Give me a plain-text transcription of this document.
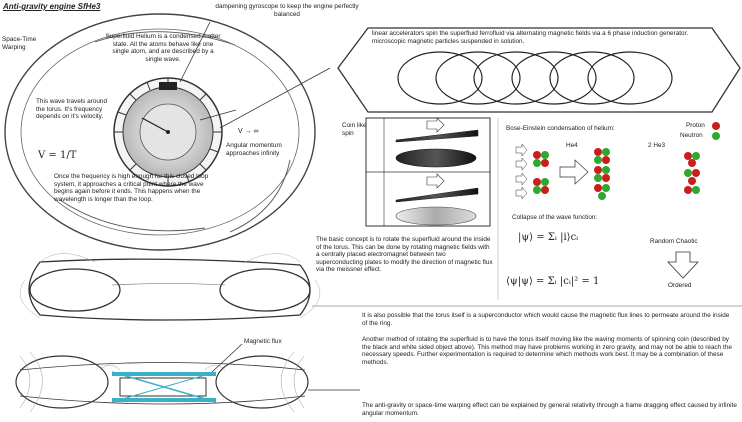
Anti-gravity engine SfHe3	dampening gyroscope to keep the engine perfectly balanced
Space-Time Warping
Superfluid Helium is a condensed matter state. All the atoms behave like one single atom, and are described by a single wave.
This wave travels around the torus. It's frequency depends on it's velocity.
V = 1/T
V → ∞
Angular momentum approaches infinity
Once the frequency is high enough for this closed loop system, it approaches a critical point where the wave begins again before it ends. This happens when the wavelength is longer than the loop.
linear accelerators spin the superfluid ferrofluid via alternating magnetic fields via a 6 phase induction generator. microscopic magnetic particles suspended in solution.
Coin like spin
Bose-Einstein condensation of helium:
He4	2 He3
Proton
Neutron
Collapse of the wave function:
|ψ⟩ = Σᵢ |i⟩cᵢ
⟨ψ|ψ⟩ = Σᵢ |cᵢ|² = 1
Random Chaotic
Ordered
The basic concept is to rotate the superfluid around the inside of the torus. This can be done by rotating magnetic fields with a centrally placed electromagnet between two superconducting plates to modify the direction of magnetic flux via the meissner effect.
Magnetic flux
It is also possible that the torus itself is a superconductor which would cause the magnetic flux lines to permeate around the inside of the ring.
Another method of rotating the superfluid is to have the torus itself moving like the waving moments of spinning coin (described by the black and white sided object above). This method may have problems working in zero gravity, and may not be able to reach the necessary speeds. Further experimentation is required to determine which methods work best. It may be a combination of these methods.
The anti-gravity or space-time warping effect can be explained by general relativity through a frame dragging effect caused by infinite angular momentum.
